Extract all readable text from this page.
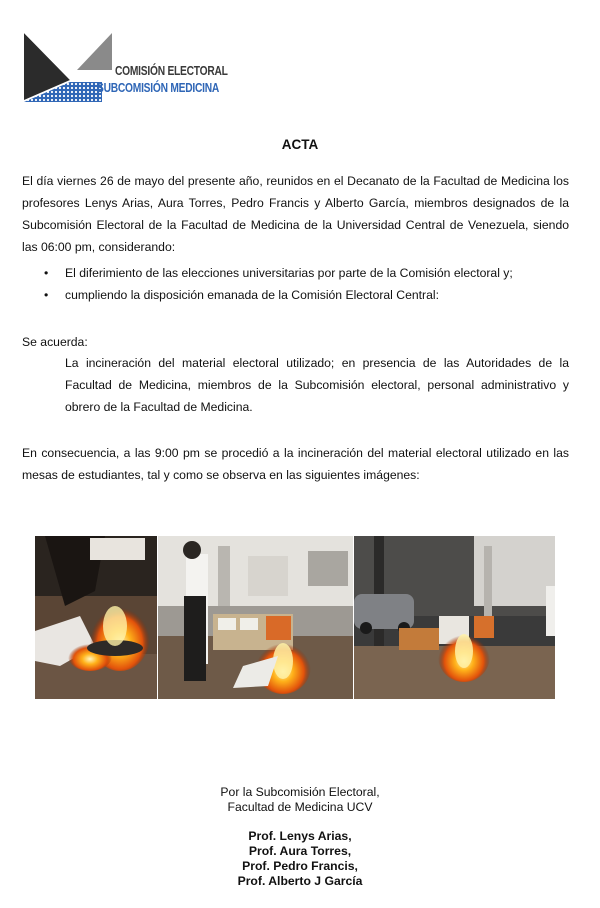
COMISIÓN ELECTORAL
SUBCOMISIÓN MEDICINA
ACTA
El día viernes 26 de mayo del presente año, reunidos en el Decanato de la Facultad de Medicina los profesores Lenys Arias, Aura Torres, Pedro Francis y Alberto García, miembros designados de la Subcomisión Electoral de la Facultad de Medicina de la Universidad Central de Venezuela, siendo las 06:00 pm, considerando:
• El diferimiento de las elecciones universitarias por parte de la Comisión electoral y;
• cumpliendo la disposición emanada de la Comisión Electoral Central:
Se acuerda:
La incineración del material electoral utilizado; en presencia de las Autoridades de la Facultad de Medicina, miembros de la Subcomisión electoral, personal administrativo y obrero de la Facultad de Medicina.
En consecuencia, a las 9:00 pm se procedió a la incineración del material electoral utilizado en las mesas de estudiantes, tal y como se observa en las siguientes imágenes:
Por la Subcomisión Electoral,
Facultad de Medicina UCV
Prof. Lenys Arias,
Prof. Aura Torres,
Prof. Pedro Francis,
Prof. Alberto J García
